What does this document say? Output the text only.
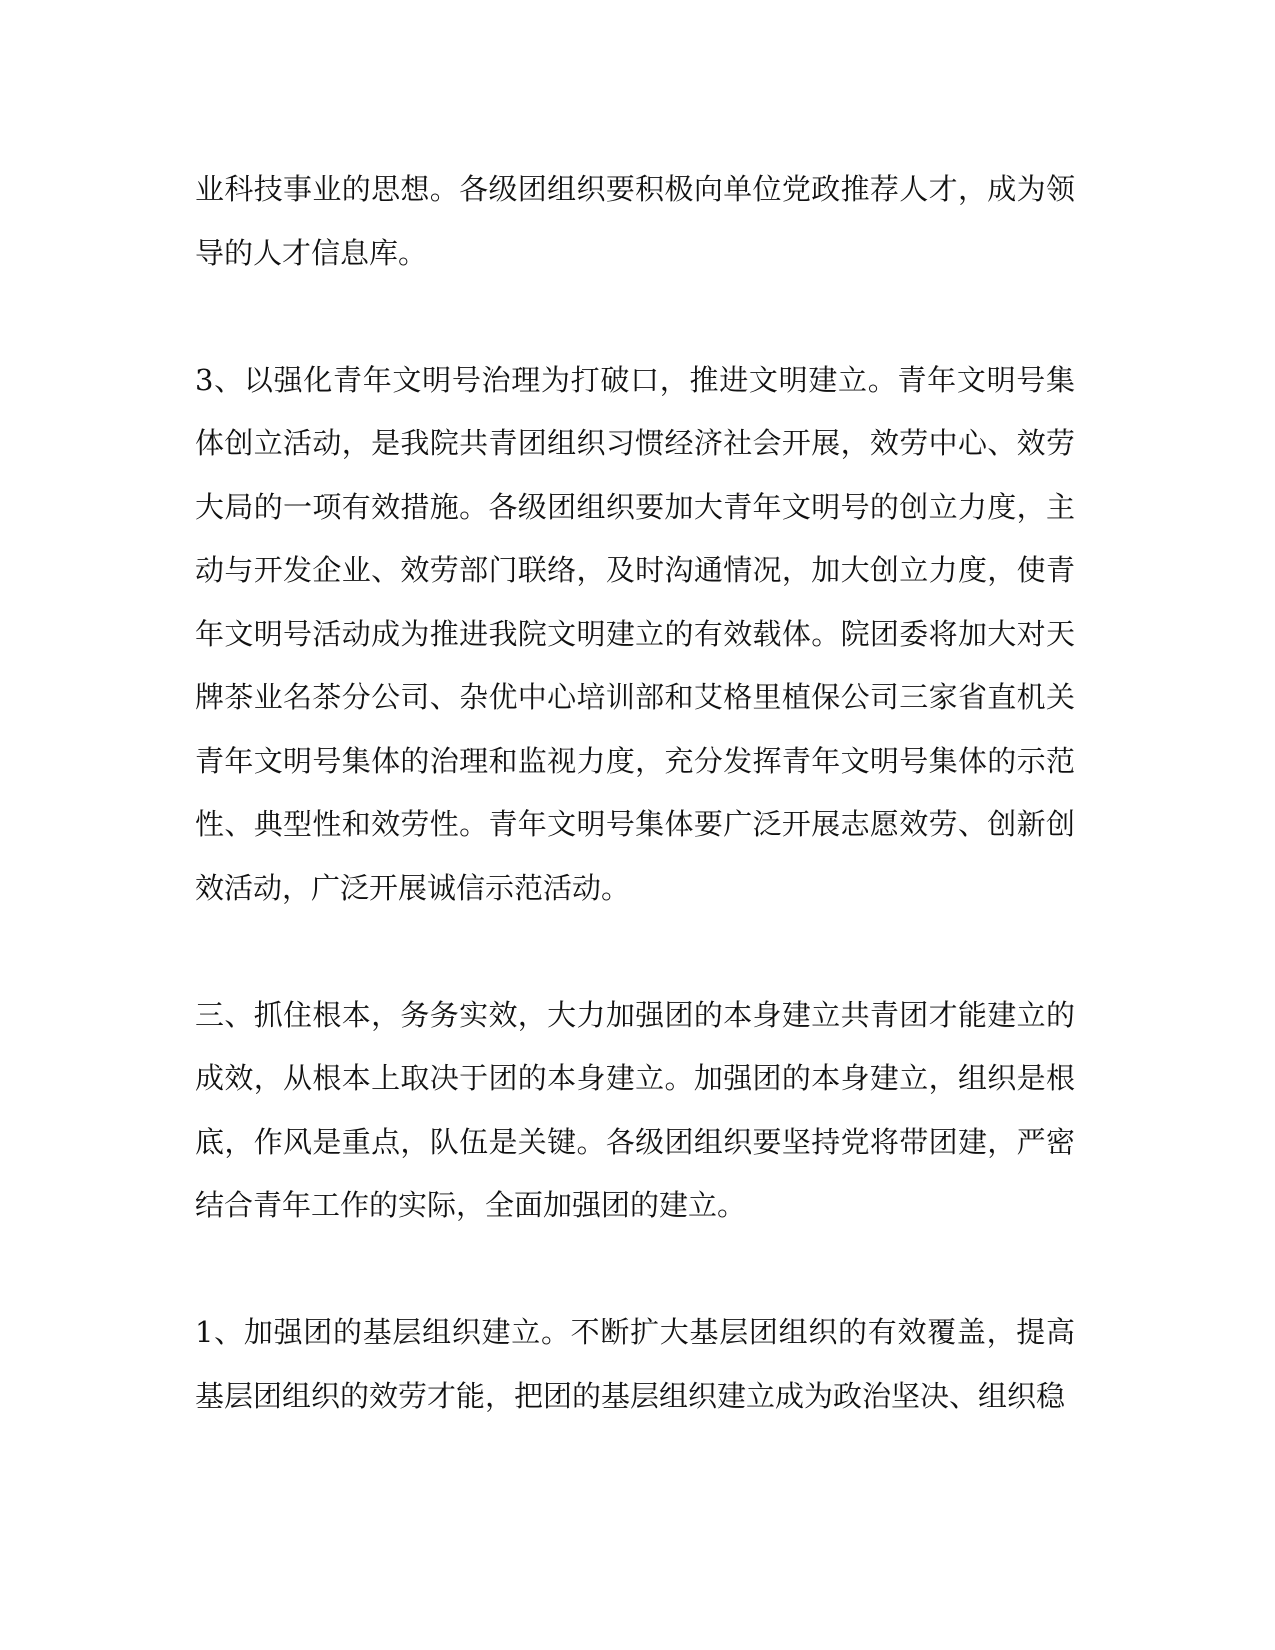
业科技事业的思想。各级团组织要积极向单位党政推荐人才，成为领导的人才信息库。

3、以强化青年文明号治理为打破口，推进文明建立。青年文明号集体创立活动，是我院共青团组织习惯经济社会开展，效劳中心、效劳大局的一项有效措施。各级团组织要加大青年文明号的创立力度，主动与开发企业、效劳部门联络，及时沟通情况，加大创立力度，使青年文明号活动成为推进我院文明建立的有效载体。院团委将加大对天牌茶业名茶分公司、杂优中心培训部和艾格里植保公司三家省直机关青年文明号集体的治理和监视力度，充分发挥青年文明号集体的示范性、典型性和效劳性。青年文明号集体要广泛开展志愿效劳、创新创效活动，广泛开展诚信示范活动。

三、抓住根本，务务实效，大力加强团的本身建立共青团才能建立的成效，从根本上取决于团的本身建立。加强团的本身建立，组织是根底，作风是重点，队伍是关键。各级团组织要坚持党将带团建，严密结合青年工作的实际，全面加强团的建立。

1、加强团的基层组织建立。不断扩大基层团组织的有效覆盖，提高基层团组织的效劳才能，把团的基层组织建立成为政治坚决、组织稳
